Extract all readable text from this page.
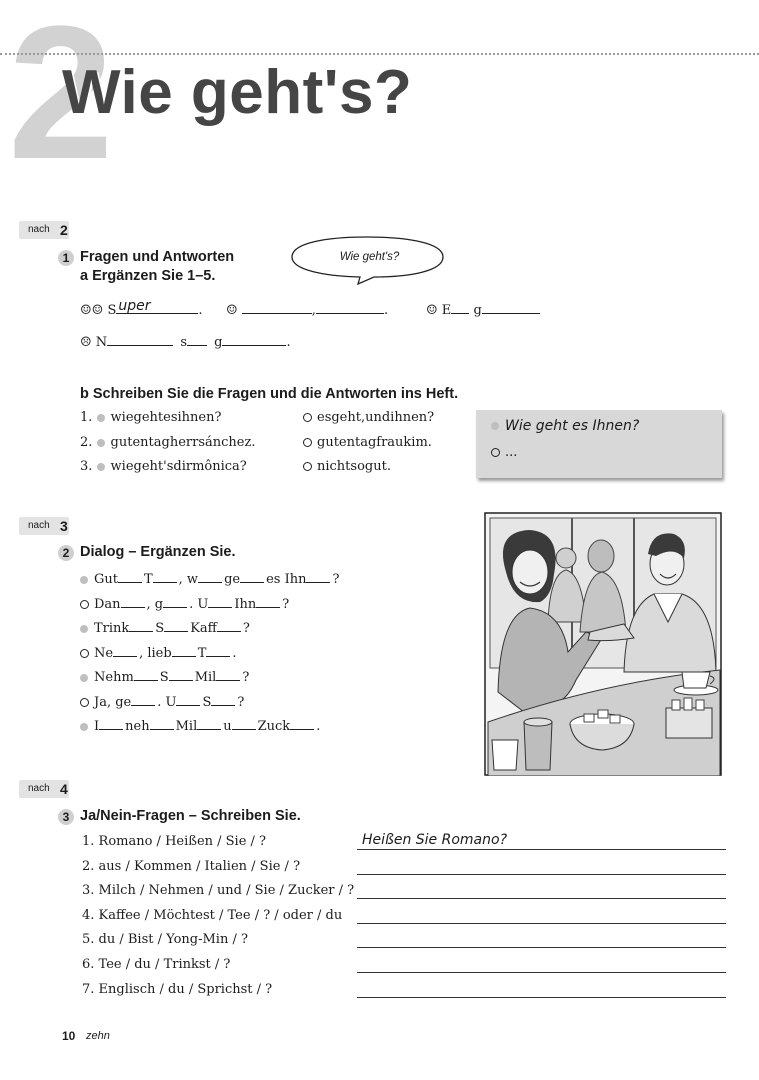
2
Wie geht's?
nach 2
1 Fragen und Antworten
a Ergänzen Sie 1–5.
Wie geht's?
☺☺ S uper	. ☺	,	.	☺ E g
☹ N	s g	.
b Schreiben Sie die Fragen und die Antworten ins Heft.
1. wiegehtesihnen?	esgeht,undihnen?
2. gutentagherrsánchez.	gutentagfraukim.
3. wiegeht'sdirmônica?	nichtsogut.
Wie geht es Ihnen?
...
nach 3
2 Dialog – Ergänzen Sie.
Gut T , w ge es Ihn ?
Dan , g . U Ihn ?
Trink S Kaff ?
Ne , lieb T .
Nehm S Mil ?
Ja, ge . U S ?
I neh Mil u Zuck .
nach 4
3 Ja/Nein-Fragen – Schreiben Sie.
1. Romano / Heißen / Sie / ?	Heißen Sie Romano?
2. aus / Kommen / Italien / Sie / ?
3. Milch / Nehmen / und / Sie / Zucker / ?
4. Kaffee / Möchtest / Tee / ? / oder / du
5. du / Bist / Yong-Min / ?
6. Tee / du / Trinkst / ?
7. Englisch / du / Sprichst / ?
10 zehn
